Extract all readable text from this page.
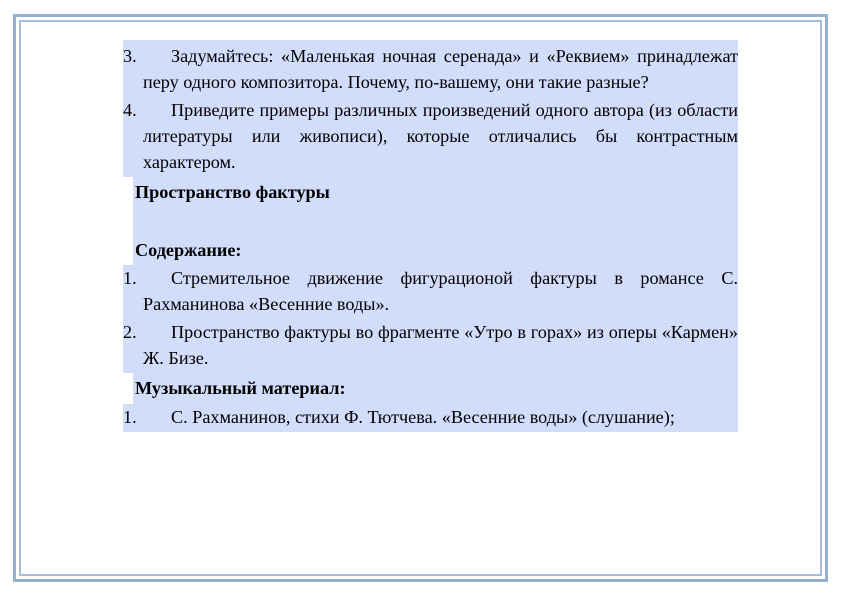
3.	Задумайтесь: «Маленькая ночная серенада» и «Реквием» принадлежат перу одного композитора. Почему, по-вашему, они такие разные?
4.	Приведите примеры различных произведений одного автора (из области литературы или живописи), которые отличались бы контрастным характером.
Пространство фактуры
Содержание:
1.	Стремительное движение фигурационой фактуры в романсе С. Рахманинова «Весенние воды».
2.	Пространство фактуры во фрагменте «Утро в горах» из оперы «Кармен» Ж. Бизе.
Музыкальный материал:
1.	С. Рахманинов, стихи Ф. Тютчева. «Весенние воды» (слушание);
